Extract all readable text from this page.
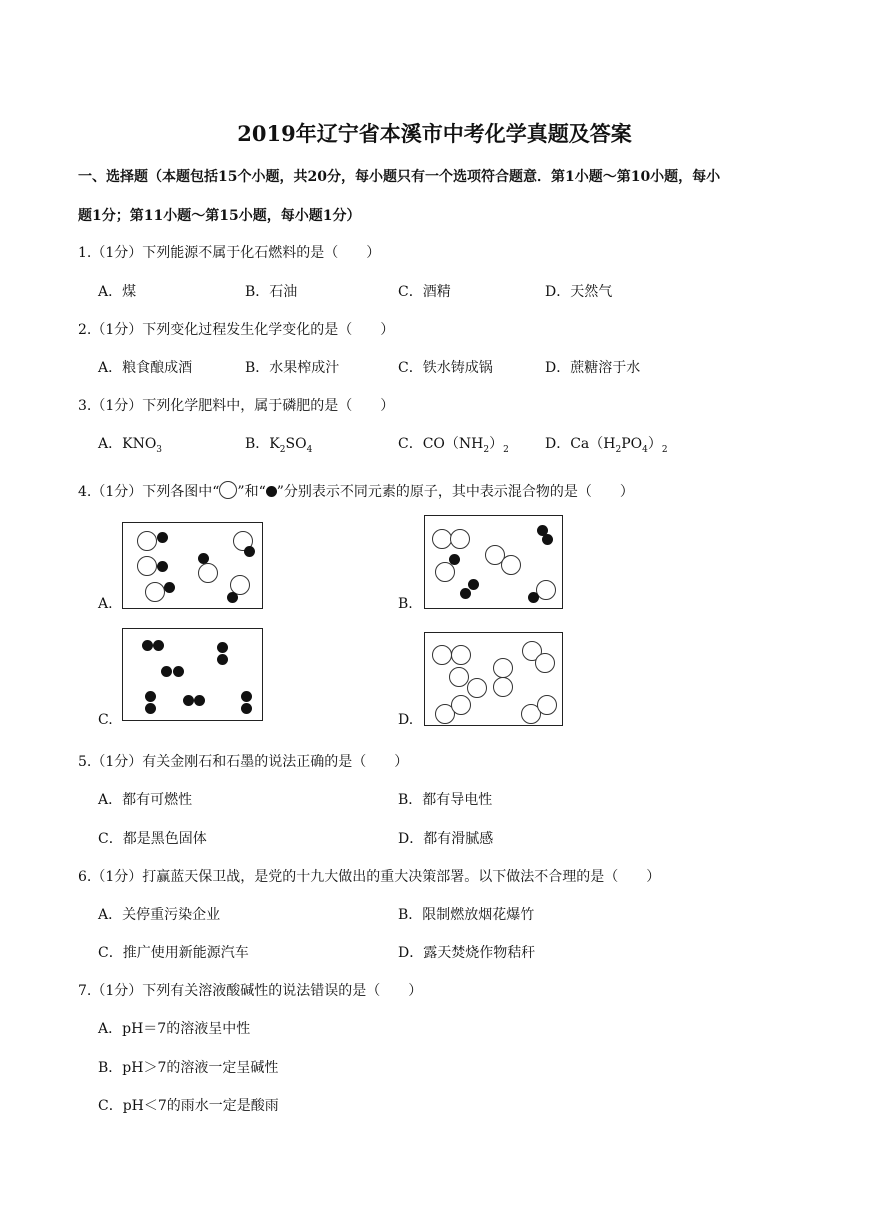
2019年辽宁省本溪市中考化学真题及答案
一、选择题（本题包括15个小题，共20分，每小题只有一个选项符合题意．第1小题～第10小题，每小
题1分；第11小题～第15小题，每小题1分）
1.（1分）下列能源不属于化石燃料的是（　　）
A．煤	B．石油	C．酒精	D．天然气
2.（1分）下列变化过程发生化学变化的是（　　）
A．粮食酿成酒	B．水果榨成汁	C．铁水铸成锅	D．蔗糖溶于水
3.（1分）下列化学肥料中，属于磷肥的是（　　）
A．$KNO_3$	B．$K_2SO_4$	C．$CO(NH_2)_2$	D．$Ca(H_2PO_4)_2$
4.（1分）下列各图中“ ”和“ ”分别表示不同元素的原子，其中表示混合物的是（　　）
A.	B.
C.	D.
5.（1分）有关金刚石和石墨的说法正确的是（　　）
A．都有可燃性	B．都有导电性
C．都是黑色固体	D．都有滑腻感
6.（1分）打赢蓝天保卫战，是党的十九大做出的重大决策部署。以下做法不合理的是（　　）
A．关停重污染企业	B．限制燃放烟花爆竹
C．推广使用新能源汽车	D．露天焚烧作物秸秆
7.（1分）下列有关溶液酸碱性的说法错误的是（　　）
A．pH＝7的溶液呈中性
B．pH＞7的溶液一定呈碱性
C．pH＜7的雨水一定是酸雨
